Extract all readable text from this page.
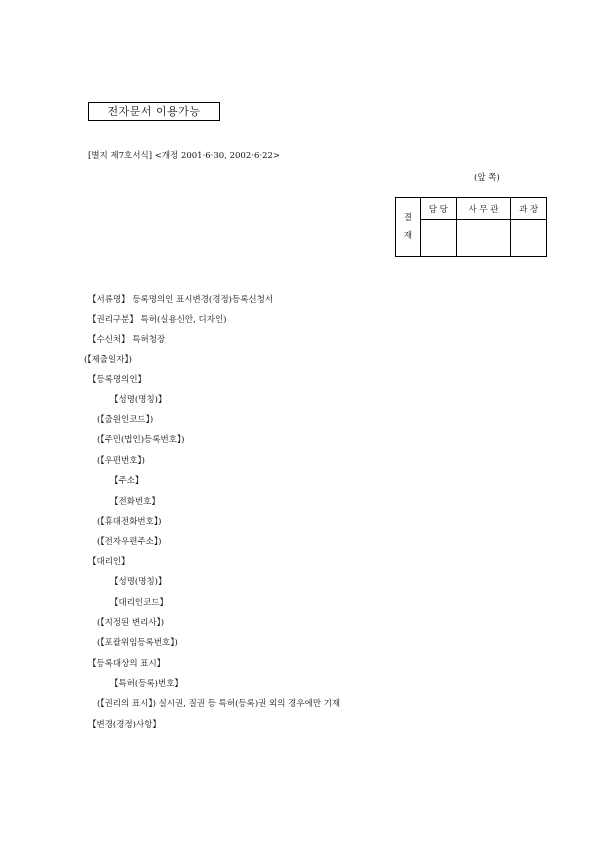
전자문서 이용가능
[별지 제7호서식] <개정 2001·6·30, 2002·6·22>
(앞 쪽)
결
재	담 당	사 무 관	과 장

【서류명】 등록명의인 표시변경(경정)등록신청서
【권리구분】 특허(실용신안, 디자인)
【수신처】 특허청장
(【제출일자】)
【등록명의인】
【성명(명칭)】
(【출원인코드】)
(【주민(법인)등록번호】)
(【우편번호】)
【주소】
【전화번호】
(【휴대전화번호】)
(【전자우편주소】)
【대리인】
【성명(명칭)】
【대리인코드】
(【지정된 변리사】)
(【포괄위임등록번호】)
【등록대상의 표시】
【특허(등록)번호】
(【권리의 표시】) 실시권, 질권 등 특허(등록)권 외의 경우에만 기재
【변경(경정)사항】
